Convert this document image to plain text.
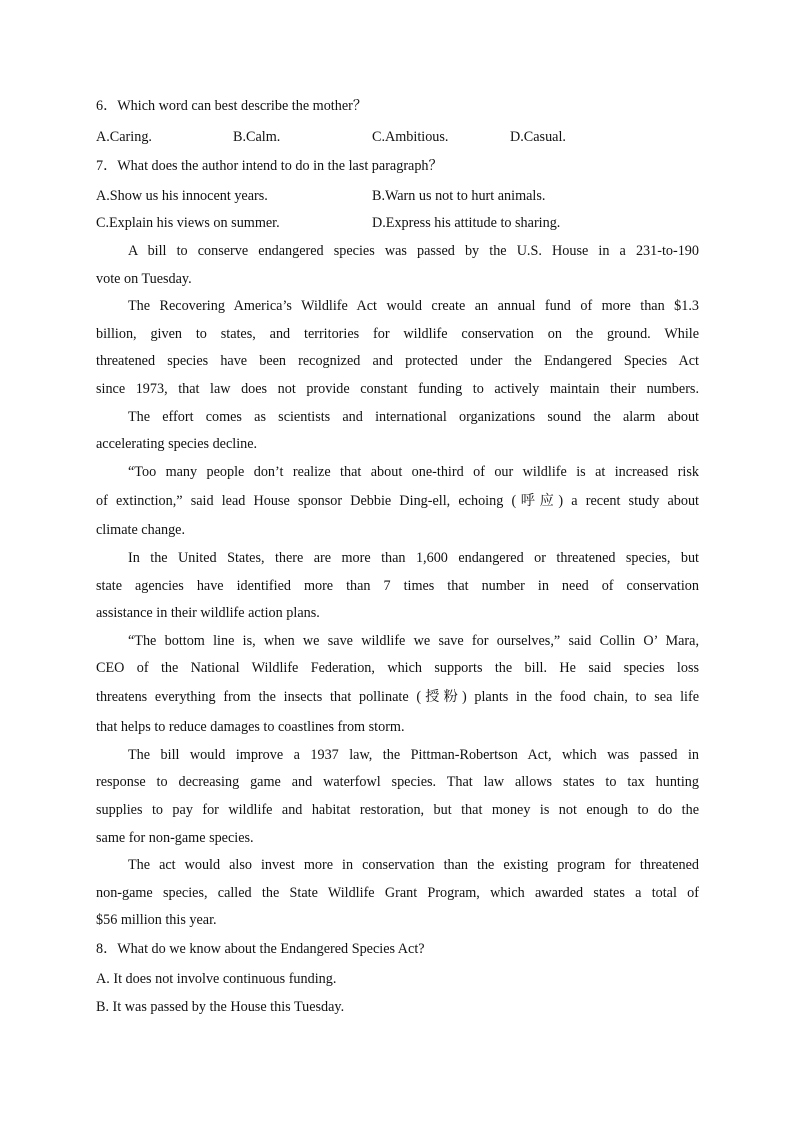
6．Which word can best describe the mother？
A.Caring.	B.Calm.	C.Ambitious.	D.Casual.
7．What does the author intend to do in the last paragraph？
A.Show us his innocent years.	B.Warn us not to hurt animals.
C.Explain his views on summer.	D.Express his attitude to sharing.
A bill to conserve endangered species was passed by the U.S. House in a 231-to-190
vote on Tuesday.
The Recovering America’s Wildlife Act would create an annual fund of more than $1.3
billion, given to states, and territories for wildlife conservation on the ground. While
threatened species have been recognized and protected under the Endangered Species Act
since 1973, that law does not provide constant funding to actively maintain their numbers.
The effort comes as scientists and international organizations sound the alarm about
accelerating species decline.
“Too many people don’t realize that about one-third of our wildlife is at increased risk
of extinction,” said lead House sponsor Debbie Ding-ell, echoing (呼应) a recent study about
climate change.
In the United States, there are more than 1,600 endangered or threatened species, but
state agencies have identified more than 7 times that number in need of conservation
assistance in their wildlife action plans.
“The bottom line is, when we save wildlife we save for ourselves,” said Collin O’ Mara,
CEO of the National Wildlife Federation, which supports the bill. He said species loss
threatens everything from the insects that pollinate (授粉) plants in the food chain, to sea life
that helps to reduce damages to coastlines from storm.
The bill would improve a 1937 law, the Pittman-Robertson Act, which was passed in
response to decreasing game and waterfowl species. That law allows states to tax hunting
supplies to pay for wildlife and habitat restoration, but that money is not enough to do the
same for non-game species.
The act would also invest more in conservation than the existing program for threatened
non-game species, called the State Wildlife Grant Program, which awarded states a total of
$56 million this year.
8．What do we know about the Endangered Species Act?
A. It does not involve continuous funding.
B. It was passed by the House this Tuesday.
